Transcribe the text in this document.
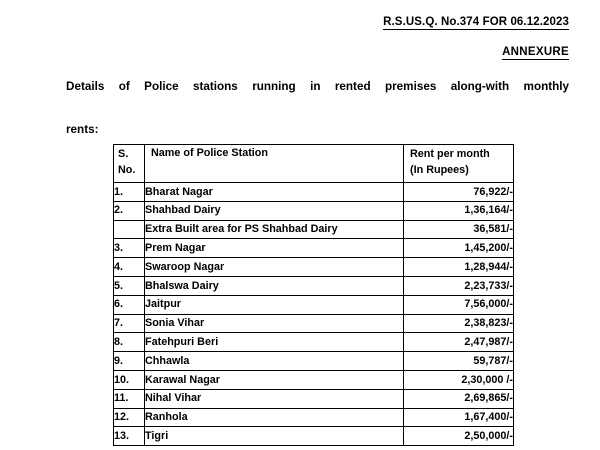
R.S.US.Q. No.374 FOR 06.12.2023
ANNEXURE
Details of Police stations running in rented premises along-with monthly
rents:
S.
No.	Name of Police Station	Rent per month
(In Rupees)

1.	Bharat Nagar	76,922/-
2.	Shahbad Dairy	1,36,164/-
	Extra Built area for PS Shahbad Dairy	36,581/-
3.	Prem Nagar	1,45,200/-
4.	Swaroop Nagar	1,28,944/-
5.	Bhalswa Dairy	2,23,733/-
6.	Jaitpur	7,56,000/-
7.	Sonia Vihar	2,38,823/-
8.	Fatehpuri Beri	2,47,987/-
9.	Chhawla	59,787/-
10.	Karawal Nagar	2,30,000 /-
11.	Nihal Vihar	2,69,865/-
12.	Ranhola	1,67,400/-
13.	Tigri	2,50,000/-
